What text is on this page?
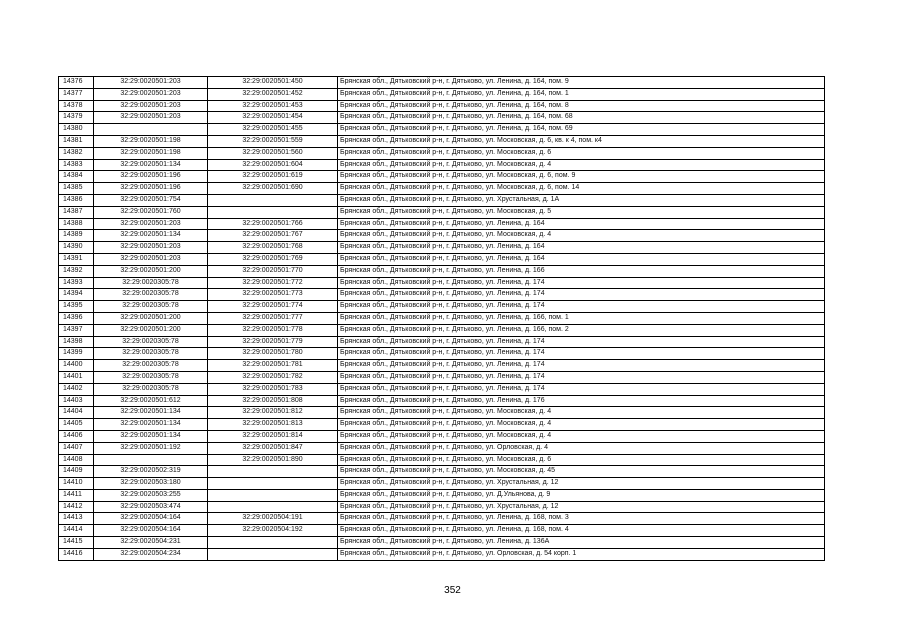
14376	32:29:0020501:203	32:29:0020501:450	Брянская обл., Дятьковский р-н, г. Дятьково, ул. Ленина, д. 164, пом. 9
14377	32:29:0020501:203	32:29:0020501:452	Брянская обл., Дятьковский р-н, г. Дятьково, ул. Ленина, д. 164, пом. 1
14378	32:29:0020501:203	32:29:0020501:453	Брянская обл., Дятьковский р-н, г. Дятьково, ул. Ленина, д. 164, пом. 8
14379	32:29:0020501:203	32:29:0020501:454	Брянская обл., Дятьковский р-н, г. Дятьково, ул. Ленина, д. 164, пом. 68
14380		32:29:0020501:455	Брянская обл., Дятьковский р-н, г. Дятьково, ул. Ленина, д. 164, пом. 69
14381	32:29:0020501:198	32:29:0020501:559	Брянская обл., Дятьковский р-н, г. Дятьково, ул. Московская, д. 6, кв. к 4, пом. к4
14382	32:29:0020501:198	32:29:0020501:560	Брянская обл., Дятьковский р-н, г. Дятьково, ул. Московская, д. 6
14383	32:29:0020501:134	32:29:0020501:604	Брянская обл., Дятьковский р-н, г. Дятьково, ул. Московская, д. 4
14384	32:29:0020501:196	32:29:0020501:619	Брянская обл., Дятьковский р-н, г. Дятьково, ул. Московская, д. 6, пом. 9
14385	32:29:0020501:196	32:29:0020501:690	Брянская обл., Дятьковский р-н, г. Дятьково, ул. Московская, д. 6, пом. 14
14386	32:29:0020501:754		Брянская обл., Дятьковский р-н, г. Дятьково, ул. Хрустальная, д. 1А
14387	32:29:0020501:760		Брянская обл., Дятьковский р-н, г. Дятьково, ул. Московская, д. 5
14388	32:29:0020501:203	32:29:0020501:766	Брянская обл., Дятьковский р-н, г. Дятьково, ул. Ленина, д. 164
14389	32:29:0020501:134	32:29:0020501:767	Брянская обл., Дятьковский р-н, г. Дятьково, ул. Московская, д. 4
14390	32:29:0020501:203	32:29:0020501:768	Брянская обл., Дятьковский р-н, г. Дятьково, ул. Ленина, д. 164
14391	32:29:0020501:203	32:29:0020501:769	Брянская обл., Дятьковский р-н, г. Дятьково, ул. Ленина, д. 164
14392	32:29:0020501:200	32:29:0020501:770	Брянская обл., Дятьковский р-н, г. Дятьково, ул. Ленина, д. 166
14393	32:29:0020305:78	32:29:0020501:772	Брянская обл., Дятьковский р-н, г. Дятьково, ул. Ленина, д. 174
14394	32:29:0020305:78	32:29:0020501:773	Брянская обл., Дятьковский р-н, г. Дятьково, ул. Ленина, д. 174
14395	32:29:0020305:78	32:29:0020501:774	Брянская обл., Дятьковский р-н, г. Дятьково, ул. Ленина, д. 174
14396	32:29:0020501:200	32:29:0020501:777	Брянская обл., Дятьковский р-н, г. Дятьково, ул. Ленина, д. 166, пом. 1
14397	32:29:0020501:200	32:29:0020501:778	Брянская обл., Дятьковский р-н, г. Дятьково, ул. Ленина, д. 166, пом. 2
14398	32:29:0020305:78	32:29:0020501:779	Брянская обл., Дятьковский р-н, г. Дятьково, ул. Ленина, д. 174
14399	32:29:0020305:78	32:29:0020501:780	Брянская обл., Дятьковский р-н, г. Дятьково, ул. Ленина, д. 174
14400	32:29:0020305:78	32:29:0020501:781	Брянская обл., Дятьковский р-н, г. Дятьково, ул. Ленина, д. 174
14401	32:29:0020305:78	32:29:0020501:782	Брянская обл., Дятьковский р-н, г. Дятьково, ул. Ленина, д. 174
14402	32:29:0020305:78	32:29:0020501:783	Брянская обл., Дятьковский р-н, г. Дятьково, ул. Ленина, д. 174
14403	32:29:0020501:612	32:29:0020501:808	Брянская обл., Дятьковский р-н, г. Дятьково, ул. Ленина, д. 176
14404	32:29:0020501:134	32:29:0020501:812	Брянская обл., Дятьковский р-н, г. Дятьково, ул. Московская, д. 4
14405	32:29:0020501:134	32:29:0020501:813	Брянская обл., Дятьковский р-н, г. Дятьково, ул. Московская, д. 4
14406	32:29:0020501:134	32:29:0020501:814	Брянская обл., Дятьковский р-н, г. Дятьково, ул. Московская, д. 4
14407	32:29:0020501:192	32:29:0020501:847	Брянская обл., Дятьковский р-н, г. Дятьково, ул. Орловская, д. 4
14408		32:29:0020501:890	Брянская обл., Дятьковский р-н, г. Дятьково, ул. Московская, д. 6
14409	32:29:0020502:319		Брянская обл., Дятьковский р-н, г. Дятьково, ул. Московская, д. 45
14410	32:29:0020503:180		Брянская обл., Дятьковский р-н, г. Дятьково, ул. Хрустальная, д. 12
14411	32:29:0020503:255		Брянская обл., Дятьковский р-н, г. Дятьково, ул. Д.Ульянова, д. 9
14412	32:29:0020503:474		Брянская обл., Дятьковский р-н, г. Дятьково, ул. Хрустальная, д. 12
14413	32:29:0020504:164	32:29:0020504:191	Брянская обл., Дятьковский р-н, г. Дятьково, ул. Ленина, д. 168, пом. 3
14414	32:29:0020504:164	32:29:0020504:192	Брянская обл., Дятьковский р-н, г. Дятьково, ул. Ленина, д. 168, пом. 4
14415	32:29:0020504:231		Брянская обл., Дятьковский р-н, г. Дятьково, ул. Ленина, д. 136А
14416	32:29:0020504:234		Брянская обл., Дятьковский р-н, г. Дятьково, ул. Орловская, д. 54 корп. 1
352
